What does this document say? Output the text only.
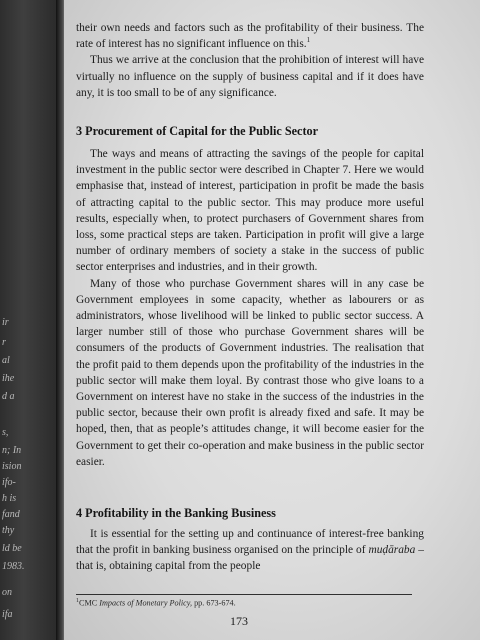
ir
r
al
ihe
d a
s,
n; In
ision
ifo-
h is
fand
thy
ld be
1983.
on
ifa

their own needs and factors such as the profitability of their business. The rate of interest has no significant influence on this.$^1$

Thus we arrive at the conclusion that the prohibition of interest will have virtually no influence on the supply of business capital and if it does have any, it is too small to be of any significance.

3 Procurement of Capital for the Public Sector

The ways and means of attracting the savings of the people for capital investment in the public sector were described in Chapter 7. Here we would emphasise that, instead of interest, participation in profit be made the basis of attracting capital to the public sector. This may produce more useful results, especially when, to protect purchasers of Government shares from loss, some practical steps are taken. Participation in profit will give a large number of ordinary members of society a stake in the success of public sector enterprises and industries, and in their growth.

Many of those who purchase Government shares will in any case be Government employees in some capacity, whether as labourers or as administrators, whose livelihood will be linked to public sector success. A larger number still of those who purchase Government shares will be consumers of the products of Government industries. The realisation that the profit paid to them depends upon the profitability of the industries in the public sector will make them loyal. By contrast those who give loans to a Government on interest have no stake in the success of the industries in the public sector, because their own profit is already fixed and safe. It may be hoped, then, that as people’s attitudes change, it will become easier for the Government to get their co-operation and make business in the public sector easier.

4 Profitability in the Banking Business

It is essential for the setting up and continuance of interest-free banking that the profit in banking business organised on the principle of muḍāraba – that is, obtaining capital from the people

$^1$CMC Impacts of Monetary Policy, pp. 673-674.
173
